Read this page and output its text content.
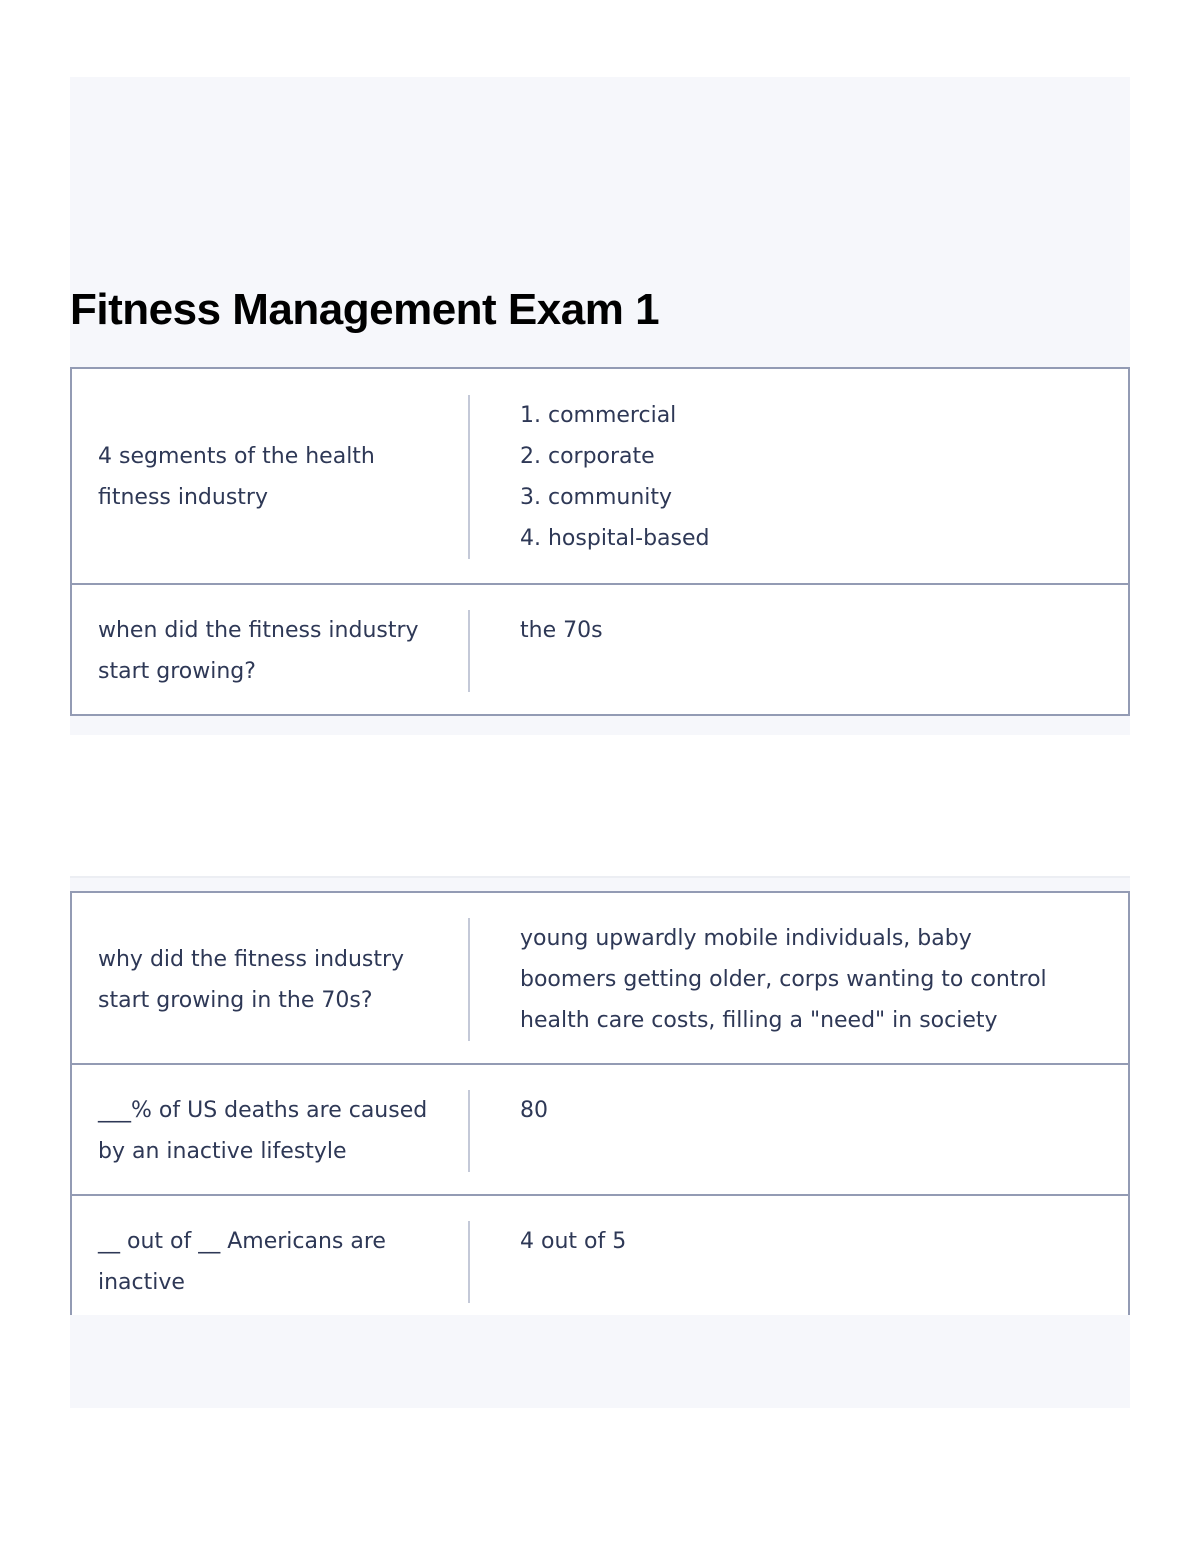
Fitness Management Exam 1
4 segments of the health fitness industry
1. commercial
2. corporate
3. community
4. hospital-based
when did the fitness industry start growing?
the 70s
why did the fitness industry start growing in the 70s?
young upwardly mobile individuals, baby boomers getting older, corps wanting to control health care costs, filling a "need" in society
___% of US deaths are caused by an inactive lifestyle
80
__ out of __ Americans are inactive
4 out of 5
